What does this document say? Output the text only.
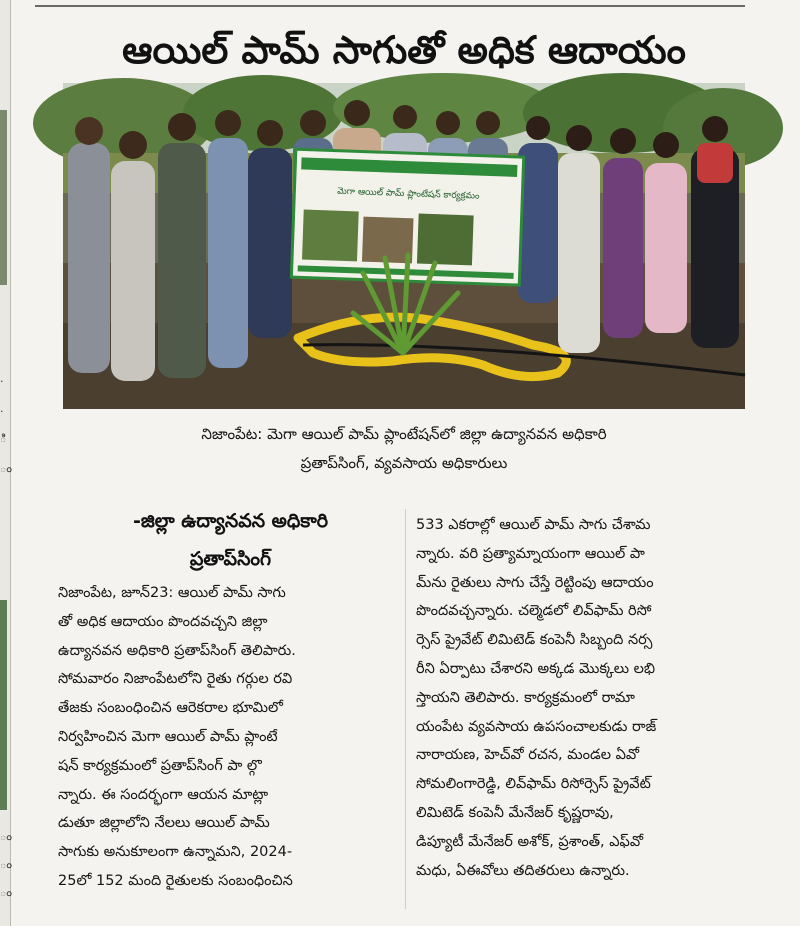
.
.
ి
ం
ం
ం
ం
ఆయిల్ పామ్ సాగుతో అధిక ఆదాయం
మెగా ఆయిల్ పామ్ ప్లాంటేషన్ కార్యక్రమం
నిజాంపేట: మెగా ఆయిల్ పామ్ ప్లాంటేషన్‌లో జిల్లా ఉద్యానవన అధికారి
ప్రతాప్‌సింగ్, వ్యవసాయ అధికారులు
-జిల్లా ఉద్యానవన అధికారి
ప్రతాప్‌సింగ్
నిజాంపేట, జూన్23: ఆయిల్ పామ్ సాగు
తో అధిక ఆదాయం పొందవచ్చని జిల్లా
ఉద్యానవన అధికారి ప్రతాప్‌సింగ్ తెలిపారు.
సోమవారం నిజాంపేటలోని రైతు గర్గుల రవి
తేజకు సంబంధించిన ఆరెకరాల భూమిలో
నిర్వహించిన మెగా ఆయిల్ పామ్ ప్లాంటే
షన్ కార్యక్రమంలో ప్రతాప్‌సింగ్ పా ల్గొ
న్నారు. ఈ సందర్భంగా ఆయన మాట్లా
డుతూ జిల్లాలోని నేలలు ఆయిల్ పామ్
సాగుకు అనుకూలంగా ఉన్నామని, 2024-
25లో 152 మంది రైతులకు సంబంధించిన
533 ఎకరాల్లో ఆయిల్ పామ్ సాగు చేశామ
న్నారు. వరి ప్రత్యామ్నాయంగా ఆయిల్ పా
మ్‌ను రైతులు సాగు చేస్తే రెట్టింపు ఆదాయం
పొందవచ్చన్నారు. చల్మెడలో లివ్‌ఫామ్ రిసో
ర్సెస్ ప్రైవేట్ లిమిటెడ్ కంపెనీ సిబ్బంది నర్స
రీని ఏర్పాటు చేశారని అక్కడ మొక్కలు లభి
స్తాయని తెలిపారు. కార్యక్రమంలో రామా
యంపేట వ్యవసాయ ఉపసంచాలకుడు రాజ్
నారాయణ, హెచ్‌వో రచన, మండల ఏవో
సోమలింగారెడ్డి, లివ్‌ఫామ్ రిసోర్సెస్ ప్రైవేట్
లిమిటెడ్ కంపెనీ మేనేజర్ కృష్ణరావు,
డిప్యూటీ మేనేజర్ అశోక్, ప్రశాంత్, ఎఫ్‌వో
మధు, ఏఈవోలు తదితరులు ఉన్నారు.
